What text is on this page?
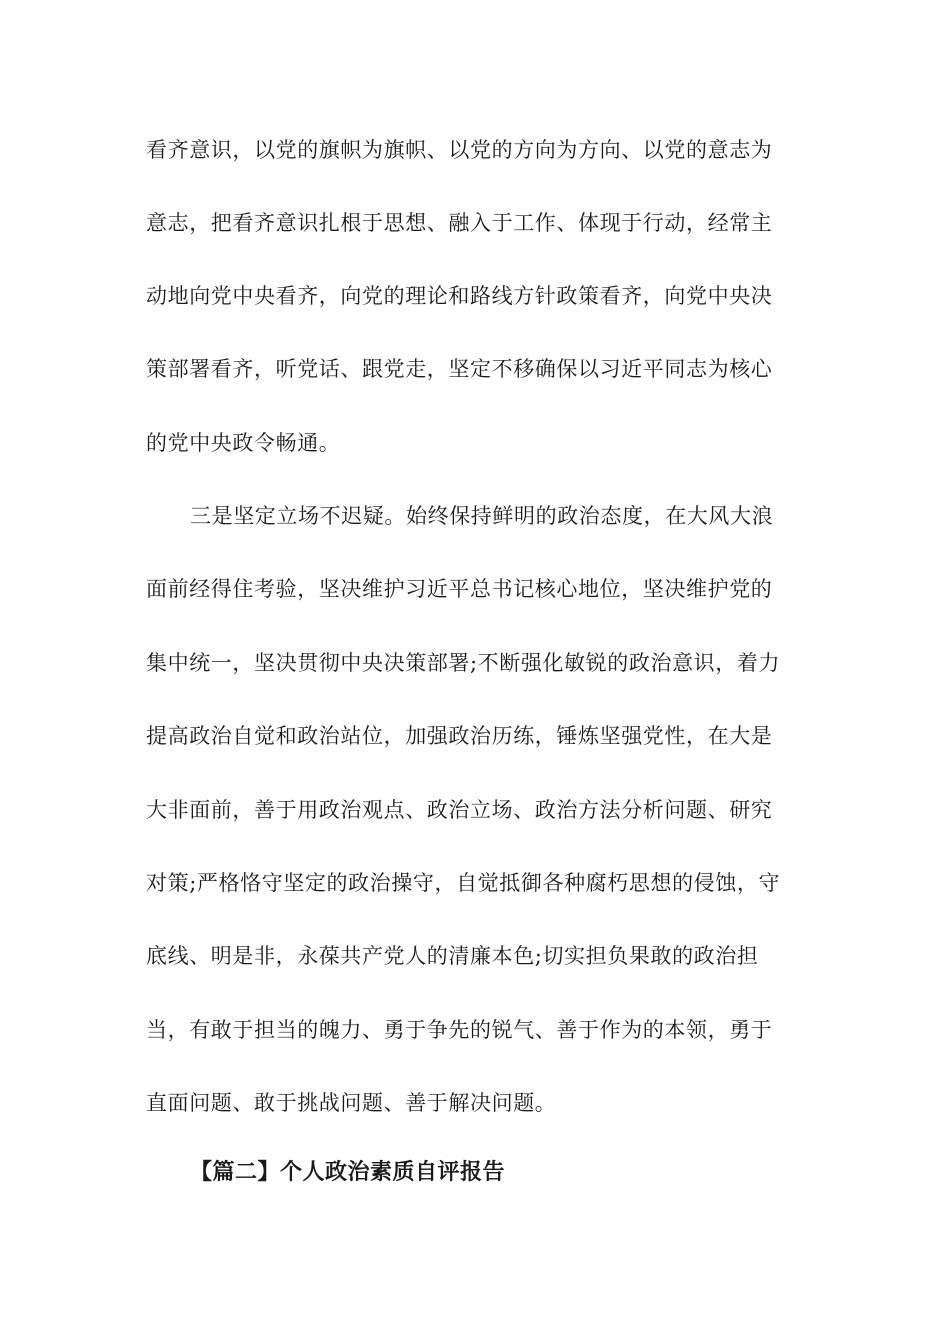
看齐意识，以党的旗帜为旗帜、以党的方向为方向、以党的意志为
意志，把看齐意识扎根于思想、融入于工作、体现于行动，经常主
动地向党中央看齐，向党的理论和路线方针政策看齐，向党中央决
策部署看齐，听党话、跟党走，坚定不移确保以习近平同志为核心
的党中央政令畅通。
三是坚定立场不迟疑。始终保持鲜明的政治态度，在大风大浪
面前经得住考验，坚决维护习近平总书记核心地位，坚决维护党的
集中统一，坚决贯彻中央决策部署;不断强化敏锐的政治意识，着力
提高政治自觉和政治站位，加强政治历练，锤炼坚强党性，在大是
大非面前，善于用政治观点、政治立场、政治方法分析问题、研究
对策;严格恪守坚定的政治操守，自觉抵御各种腐朽思想的侵蚀，守
底线、明是非，永葆共产党人的清廉本色;切实担负果敢的政治担
当，有敢于担当的魄力、勇于争先的锐气、善于作为的本领，勇于
直面问题、敢于挑战问题、善于解决问题。
【篇二】个人政治素质自评报告
